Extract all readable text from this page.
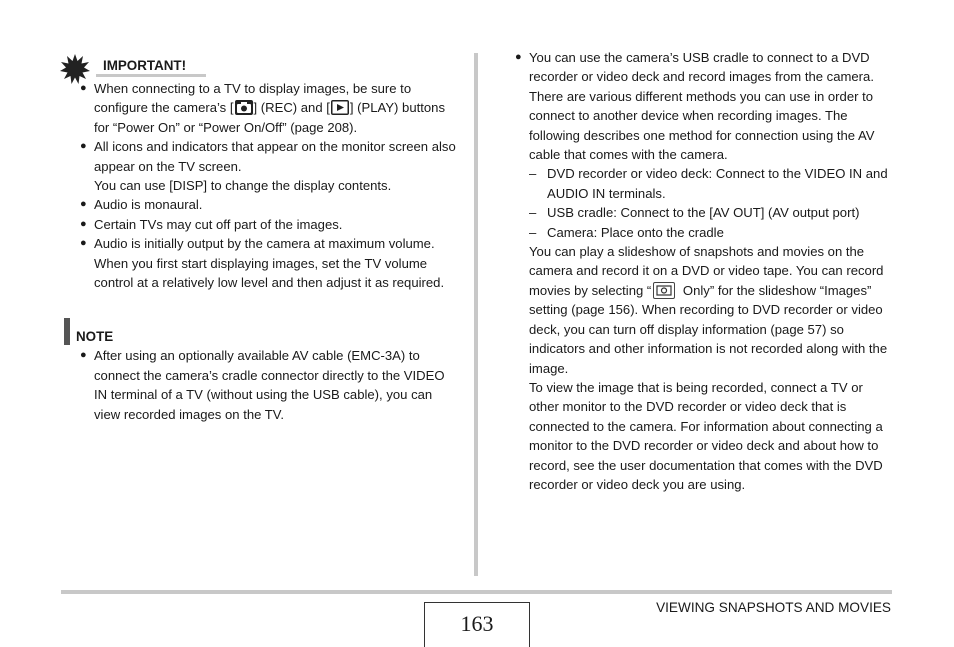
IMPORTANT!
● When connecting to a TV to display images, be sure to configure the camera’s [ ] (REC) and [ ] (PLAY) buttons for “Power On” or “Power On/Off” (page 208).
● All icons and indicators that appear on the monitor screen also appear on the TV screen.
You can use [DISP] to change the display contents.
● Audio is monaural.
● Certain TVs may cut off part of the images.
● Audio is initially output by the camera at maximum volume. When you first start displaying images, set the TV volume control at a relatively low level and then adjust it as required.
NOTE
● After using an optionally available AV cable (EMC-3A) to connect the camera’s cradle connector directly to the VIDEO IN terminal of a TV (without using the USB cable), you can view recorded images on the TV.
● You can use the camera’s USB cradle to connect to a DVD recorder or video deck and record images from the camera. There are various different methods you can use in order to connect to another device when recording images. The following describes one method for connection using the AV cable that comes with the camera.
– DVD recorder or video deck: Connect to the VIDEO IN and AUDIO IN terminals.
– USB cradle: Connect to the [AV OUT] (AV output port)
– Camera: Place onto the cradle
You can play a slideshow of snapshots and movies on the camera and record it on a DVD or video tape. You can record movies by selecting “ Only” for the slideshow “Images” setting (page 156). When recording to DVD recorder or video deck, you can turn off display information (page 57) so indicators and other information is not recorded along with the image.
To view the image that is being recorded, connect a TV or other monitor to the DVD recorder or video deck that is connected to the camera. For information about connecting a monitor to the DVD recorder or video deck and about how to record, see the user documentation that comes with the DVD recorder or video deck you are using.
163
VIEWING SNAPSHOTS AND MOVIES
